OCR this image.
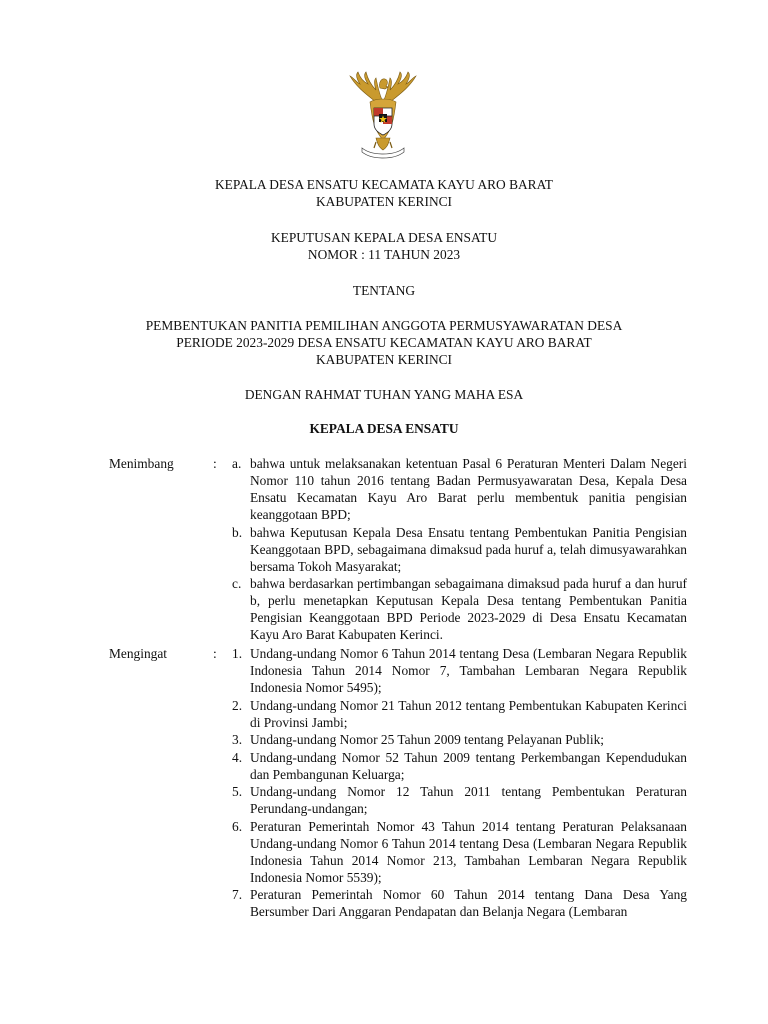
KEPALA DESA ENSATU KECAMATA KAYU ARO BARAT
KABUPATEN KERINCI
KEPUTUSAN KEPALA DESA ENSATU
NOMOR : 11 TAHUN 2023
TENTANG
PEMBENTUKAN PANITIA PEMILIHAN ANGGOTA PERMUSYAWARATAN DESA
PERIODE 2023-2029 DESA ENSATU KECAMATAN KAYU ARO BARAT
KABUPATEN KERINCI
DENGAN RAHMAT TUHAN YANG MAHA ESA
KEPALA DESA ENSATU
Menimbang	:	a. bahwa untuk melaksanakan ketentuan Pasal 6 Peraturan Menteri Dalam Negeri Nomor 110 tahun 2016 tentang Badan Permusyawaratan Desa, Kepala Desa Ensatu Kecamatan Kayu Aro Barat perlu membentuk panitia pengisian keanggotaan BPD;
b. bahwa Keputusan Kepala Desa Ensatu tentang Pembentukan Panitia Pengisian Keanggotaan BPD, sebagaimana dimaksud pada huruf a, telah dimusyawarahkan bersama Tokoh Masyarakat;
c. bahwa berdasarkan pertimbangan sebagaimana dimaksud pada huruf a dan huruf b, perlu menetapkan Keputusan Kepala Desa tentang Pembentukan Panitia Pengisian Keanggotaan BPD Periode 2023-2029 di Desa Ensatu Kecamatan Kayu Aro Barat Kabupaten Kerinci.
Mengingat	:	1. Undang-undang Nomor 6 Tahun 2014 tentang Desa (Lembaran Negara Republik Indonesia Tahun 2014 Nomor 7, Tambahan Lembaran Negara Republik Indonesia Nomor 5495);
2. Undang-undang Nomor 21 Tahun 2012 tentang Pembentukan Kabupaten Kerinci di Provinsi Jambi;
3. Undang-undang Nomor 25 Tahun 2009 tentang Pelayanan Publik;
4. Undang-undang Nomor 52 Tahun 2009 tentang Perkembangan Kependudukan dan Pembangunan Keluarga;
5. Undang-undang Nomor 12 Tahun 2011 tentang Pembentukan Peraturan Perundang-undangan;
6. Peraturan Pemerintah Nomor 43 Tahun 2014 tentang Peraturan Pelaksanaan Undang-undang Nomor 6 Tahun 2014 tentang Desa (Lembaran Negara Republik Indonesia Tahun 2014 Nomor 213, Tambahan Lembaran Negara Republik Indonesia Nomor 5539);
7. Peraturan Pemerintah Nomor 60 Tahun 2014 tentang Dana Desa Yang Bersumber Dari Anggaran Pendapatan dan Belanja Negara (Lembaran
